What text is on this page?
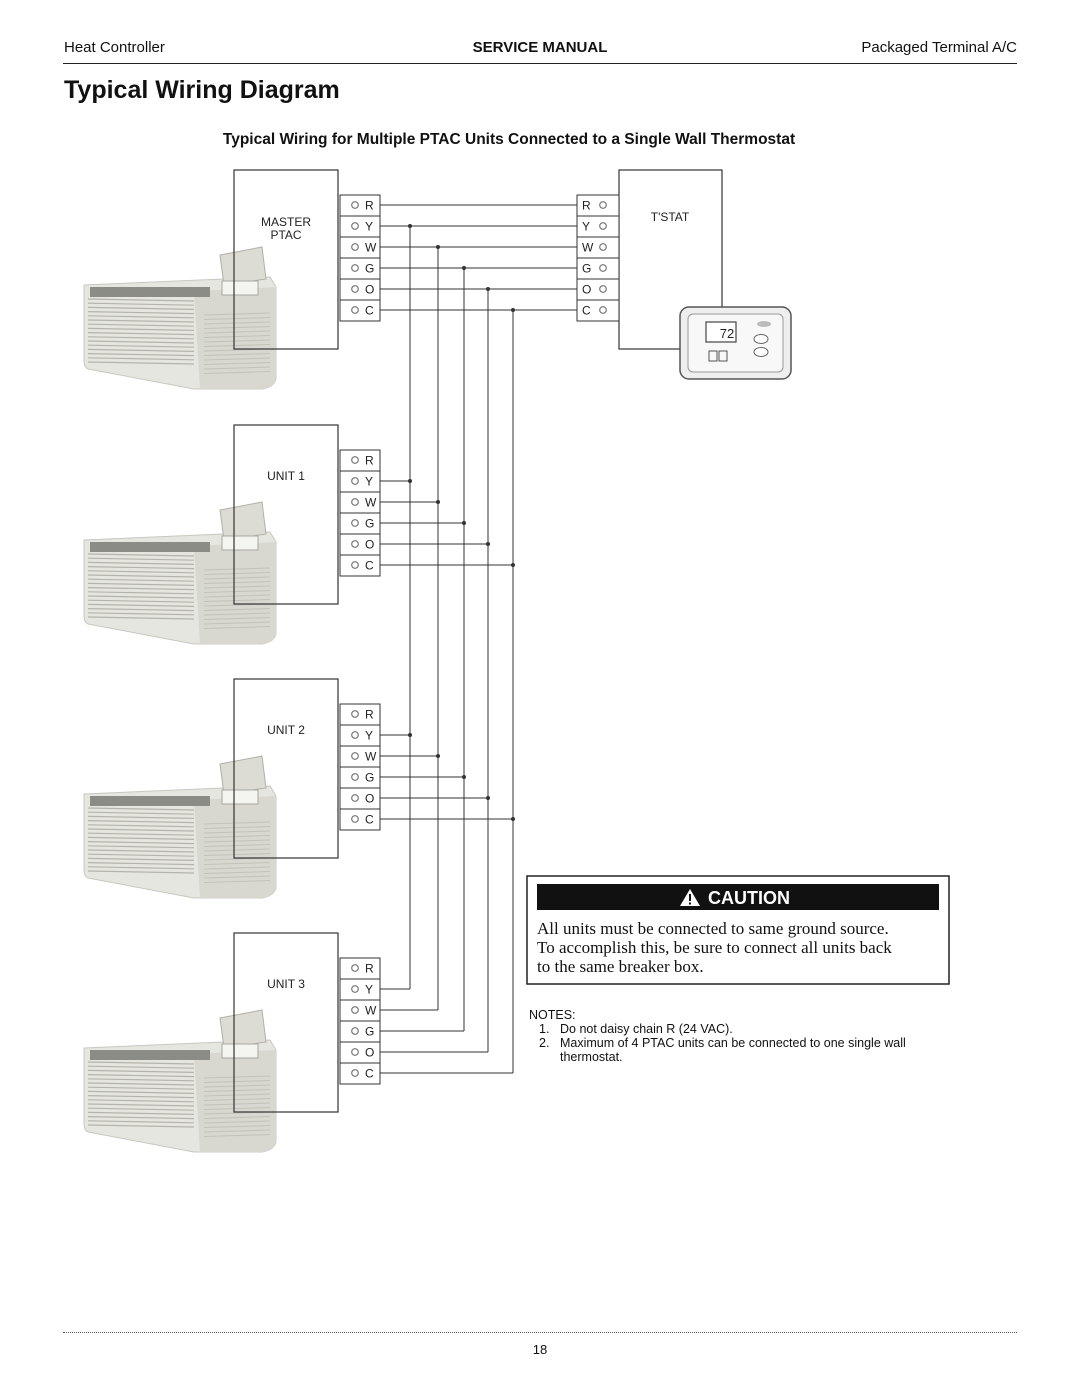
Heat Controller	SERVICE MANUAL	Packaged Terminal A/C
Typical Wiring Diagram
Typical Wiring for Multiple PTAC Units Connected to a Single Wall Thermostat
MASTER
PTAC
R
Y
W
G
O
C
UNIT 1
R
Y
W
G
O
C
UNIT 2
R
Y
W
G
O
C
UNIT 3
R
Y
W
G
O
C
T'STAT
R
Y
W
G
O
C
72
CAUTION
All units must be connected to same ground source.
To accomplish this, be sure to connect all units back
to the same breaker box.
NOTES:
1. Do not daisy chain R (24 VAC).
2. Maximum of 4 PTAC units can be connected to one single wall
thermostat.
18
